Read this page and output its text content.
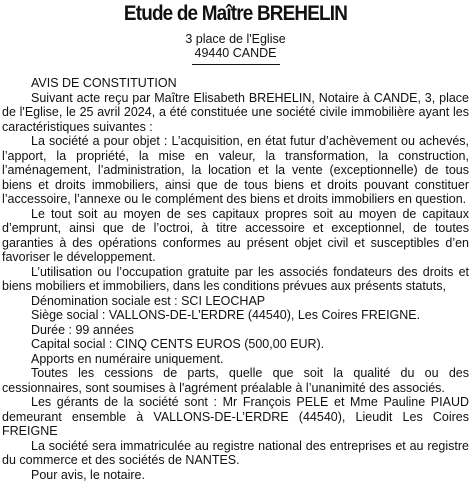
Etude de Maître BREHELIN
3 place de l'Eglise
49440 CANDE

AVIS DE CONSTITUTION

Suivant acte reçu par Maître Elisabeth BREHELIN, Notaire à CANDE, 3, place de l'Eglise, le 25 avril 2024, a été constituée une société civile immobilière ayant les caractéristiques suivantes :

La société a pour objet : L’acquisition, en état futur d’achèvement ou achevés, l’apport, la propriété, la mise en valeur, la transformation, la construction, l’aménagement, l’administration, la location et la vente (exceptionnelle) de tous biens et droits immobiliers, ainsi que de tous biens et droits pouvant constituer l’accessoire, l’annexe ou le complément des biens et droits immobiliers en question.

Le tout soit au moyen de ses capitaux propres soit au moyen de capitaux d’emprunt, ainsi que de l’octroi, à titre accessoire et exceptionnel, de toutes garanties à des opérations conformes au présent objet civil et susceptibles d’en favoriser le développement.

L’utilisation ou l’occupation gratuite par les associés fondateurs des droits et biens mobiliers et immobiliers, dans les conditions prévues aux présents statuts,

Dénomination sociale est : SCI LEOCHAP

Siège social : VALLONS-DE-L'ERDRE (44540), Les Coires FREIGNE.

Durée : 99 années

Capital social : CINQ CENTS EUROS (500,00 EUR).

Apports en numéraire uniquement.

Toutes les cessions de parts, quelle que soit la qualité du ou des cessionnaires, sont soumises à l'agrément préalable à l’unanimité des associés.

Les gérants de la société sont : Mr François PELE et Mme Pauline PIAUD demeurant ensemble à VALLONS-DE-L’ERDRE (44540), Lieudit Les Coires FREIGNE

La société sera immatriculée au registre national des entreprises et au registre du commerce et des sociétés de NANTES.

Pour avis, le notaire.
